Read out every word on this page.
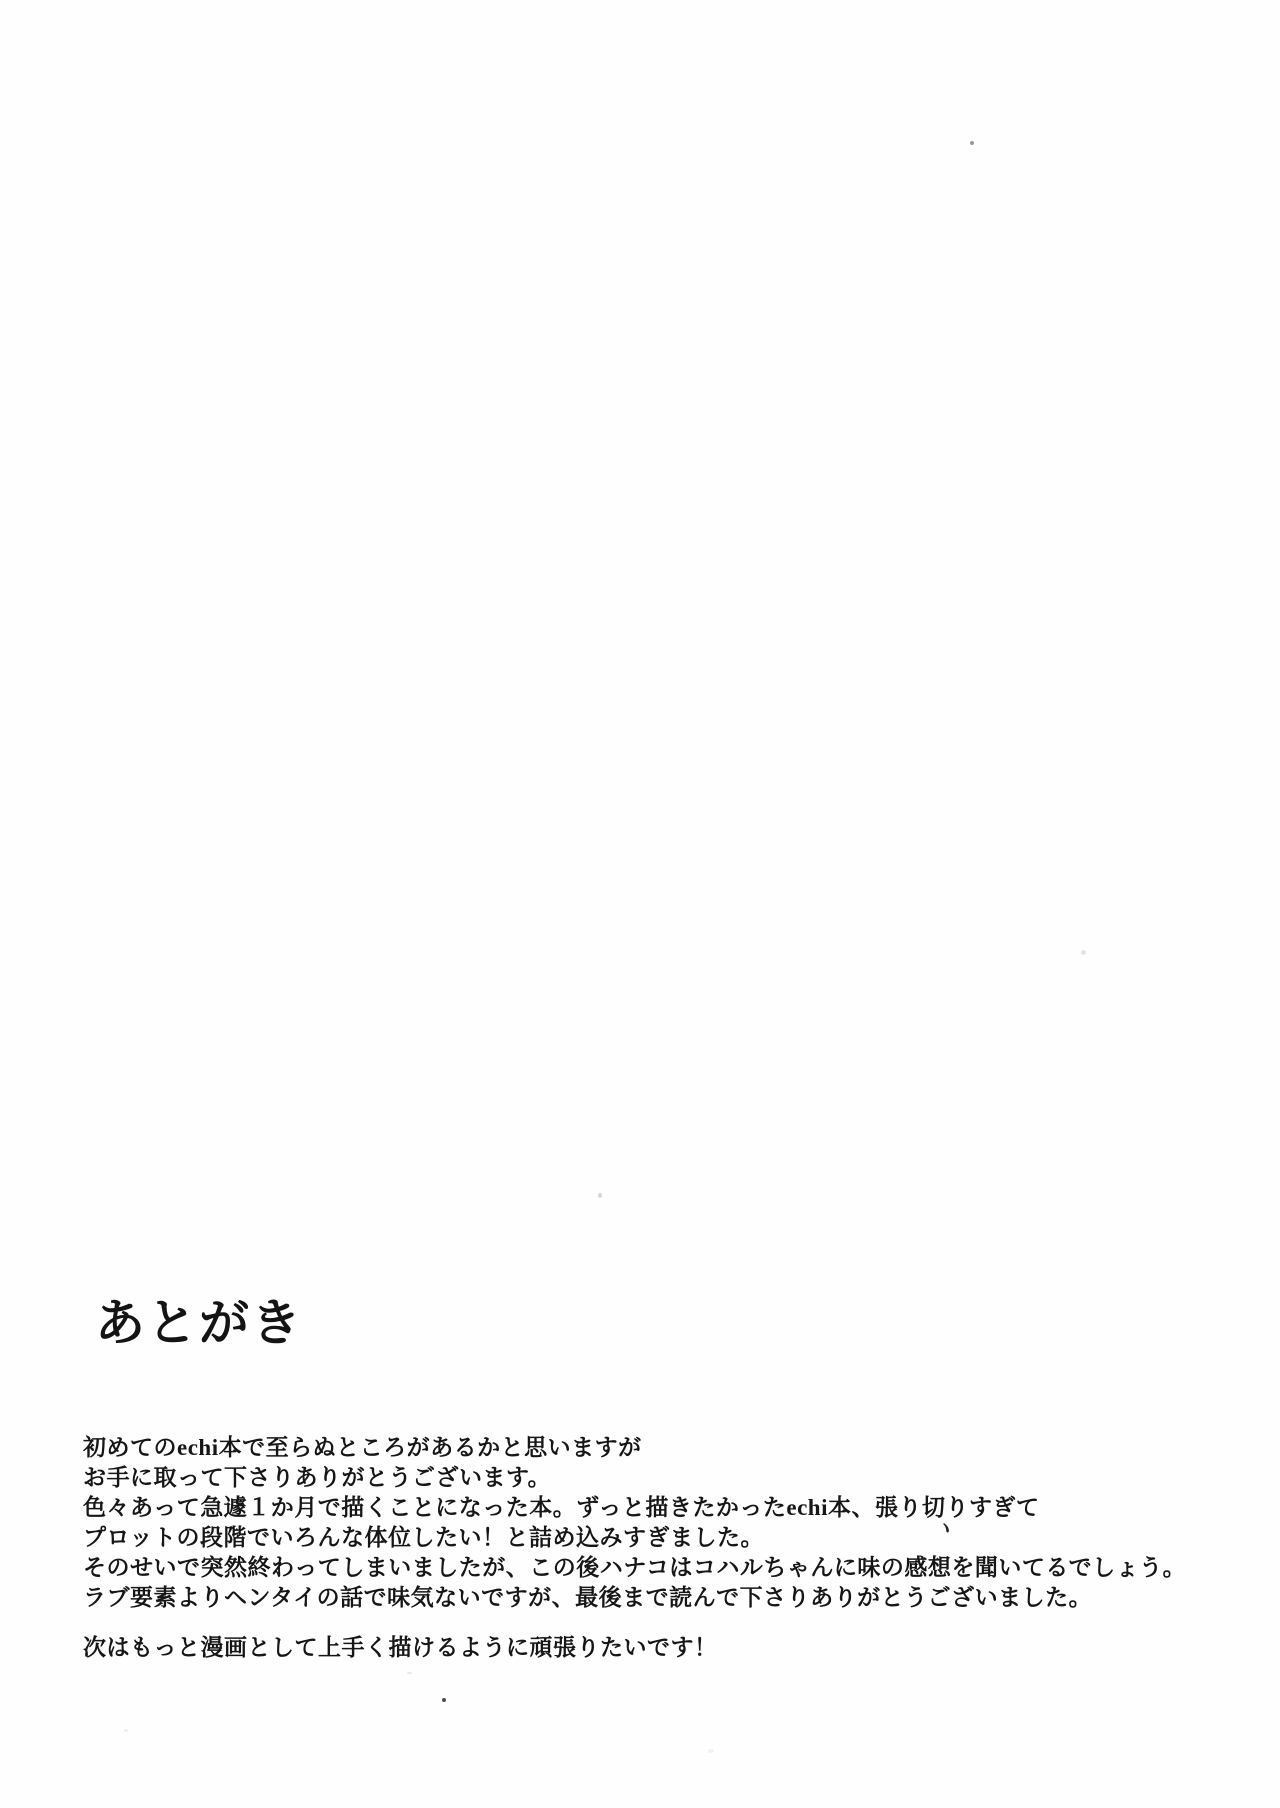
あとがき
初めてのechi本で至らぬところがあるかと思いますが
お手に取って下さりありがとうございます。
色々あって急遽１か月で描くことになった本。ずっと描きたかったechi本、張り切りすぎて
プロットの段階でいろんな体位したい！と詰め込みすぎました。
そのせいで突然終わってしまいましたが、この後ハナコはコハルちゃんに味の感想を聞いてるでしょう。
ラブ要素よりヘンタイの話で味気ないですが、最後まで読んで下さりありがとうございました。
次はもっと漫画として上手く描けるように頑張りたいです！
ヽ
